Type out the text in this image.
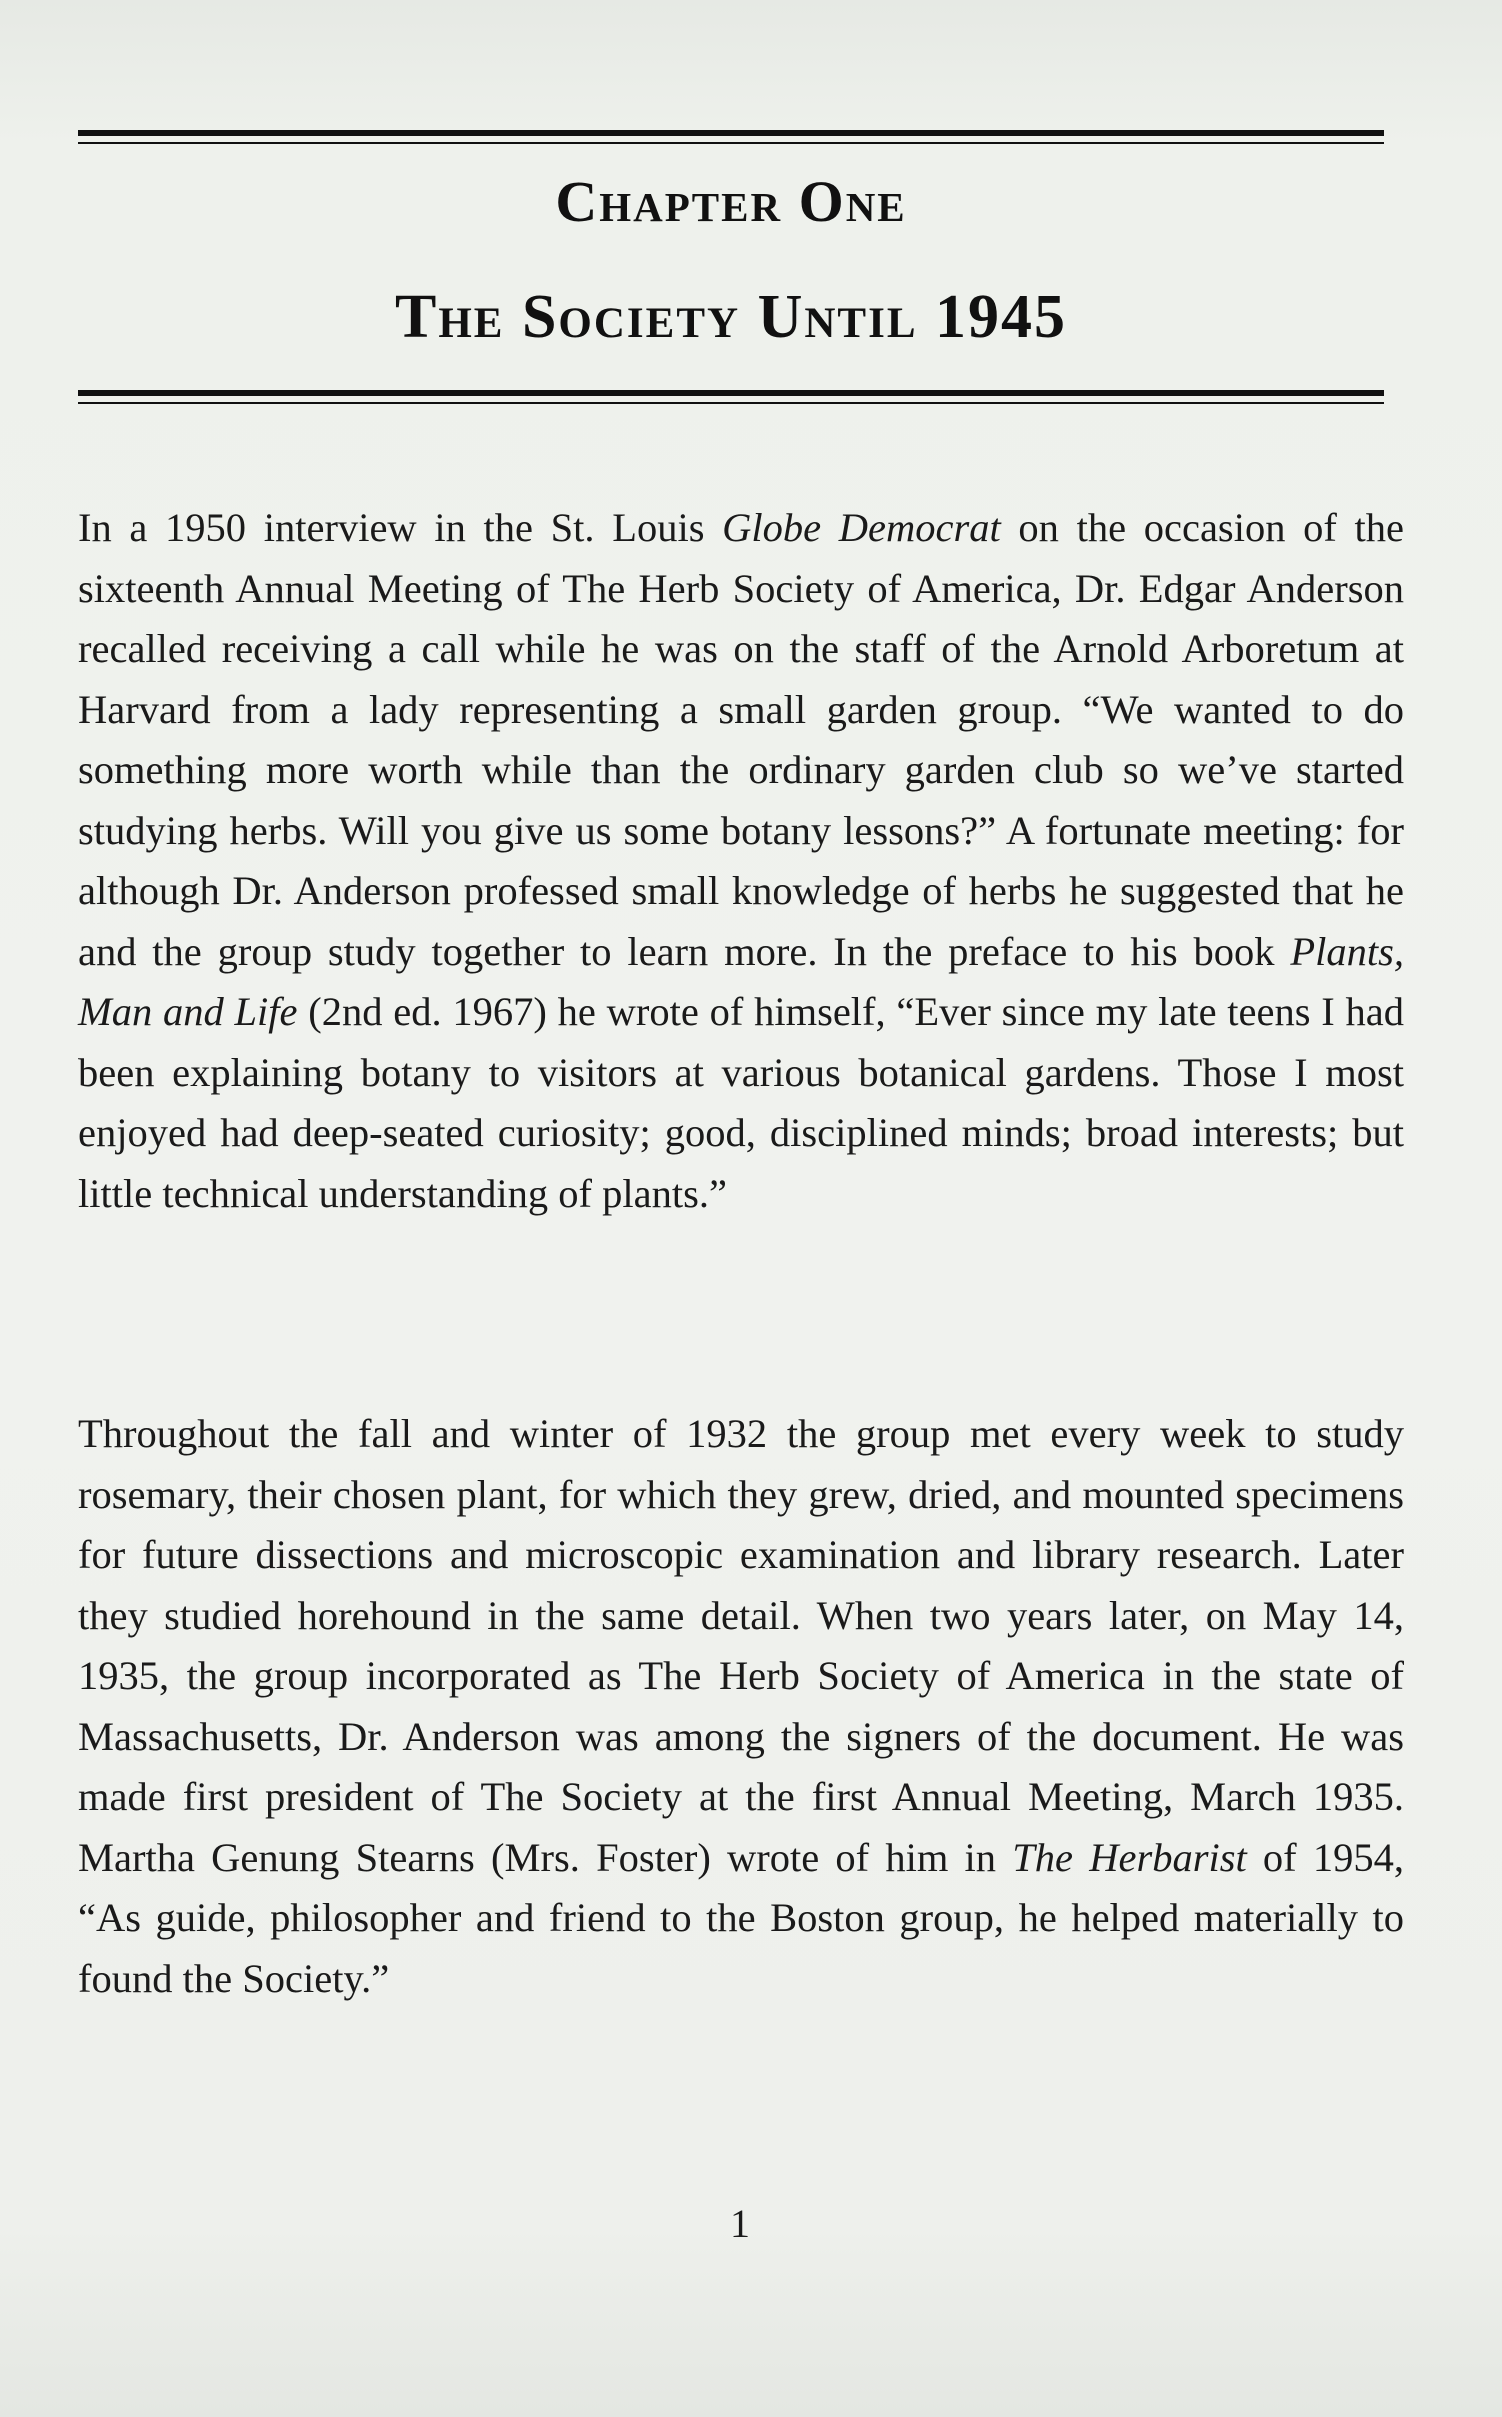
Chapter One
The Society Until 1945

In a 1950 interview in the St. Louis Globe Democrat on the occasion of the sixteenth Annual Meeting of The Herb Society of America, Dr. Edgar Anderson recalled receiving a call while he was on the staff of the Arnold Arboretum at Harvard from a lady representing a small garden group. “We wanted to do something more worth while than the ordinary garden club so we’ve started studying herbs. Will you give us some botany lessons?” A fortunate meeting: for although Dr. Anderson professed small knowledge of herbs he suggested that he and the group study together to learn more. In the preface to his book Plants, Man and Life (2nd ed. 1967) he wrote of himself, “Ever since my late teens I had been explaining botany to visitors at various botanical gardens. Those I most enjoyed had deep-seated curiosity; good, disciplined minds; broad interests; but little technical understanding of plants.”

Throughout the fall and winter of 1932 the group met every week to study rosemary, their chosen plant, for which they grew, dried, and mounted specimens for future dissections and microscopic examination and library research. Later they studied horehound in the same detail. When two years later, on May 14, 1935, the group incorporated as The Herb Society of America in the state of Massachusetts, Dr. Anderson was among the signers of the document. He was made first president of The Society at the first Annual Meeting, March 1935. Martha Genung Stearns (Mrs. Foster) wrote of him in The Herbarist of 1954, “As guide, philosopher and friend to the Boston group, he helped materially to found the Society.”

1
